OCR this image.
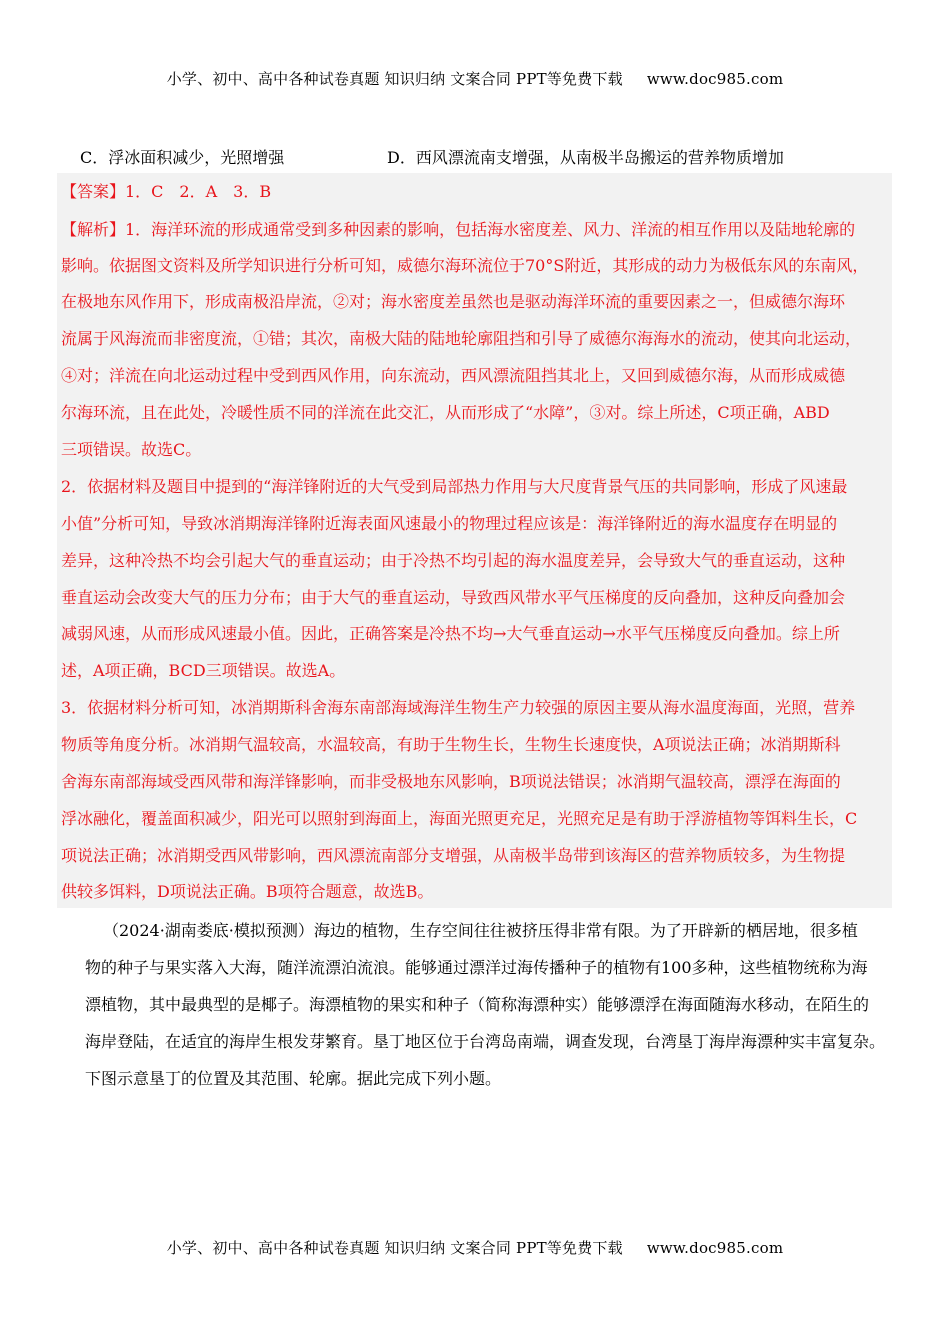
小学、初中、高中各种试卷真题 知识归纳 文案合同 PPT等免费下载 www.doc985.com
C．浮冰面积减少，光照增强	D．西风漂流南支增强，从南极半岛搬运的营养物质增加
【答案】1．C　2．A　3．B
【解析】1．海洋环流的形成通常受到多种因素的影响，包括海水密度差、风力、洋流的相互作用以及陆地轮廓的
影响。依据图文资料及所学知识进行分析可知，威德尔海环流位于70°S附近，其形成的动力为极低东风的东南风，
在极地东风作用下，形成南极沿岸流，②对；海水密度差虽然也是驱动海洋环流的重要因素之一，但威德尔海环
流属于风海流而非密度流，①错；其次，南极大陆的陆地轮廓阻挡和引导了威德尔海海水的流动，使其向北运动，
④对；洋流在向北运动过程中受到西风作用，向东流动，西风漂流阻挡其北上，又回到威德尔海，从而形成威德
尔海环流，且在此处，冷暖性质不同的洋流在此交汇，从而形成了“水障”，③对。综上所述，C项正确，ABD
三项错误。故选C。
2．依据材料及题目中提到的“海洋锋附近的大气受到局部热力作用与大尺度背景气压的共同影响，形成了风速最
小值”分析可知，导致冰消期海洋锋附近海表面风速最小的物理过程应该是：海洋锋附近的海水温度存在明显的
差异，这种冷热不均会引起大气的垂直运动；由于冷热不均引起的海水温度差异，会导致大气的垂直运动，这种
垂直运动会改变大气的压力分布；由于大气的垂直运动，导致西风带水平气压梯度的反向叠加，这种反向叠加会
减弱风速，从而形成风速最小值。因此，正确答案是冷热不均→大气垂直运动→水平气压梯度反向叠加。综上所
述，A项正确，BCD三项错误。故选A。
3．依据材料分析可知，冰消期斯科舍海东南部海域海洋生物生产力较强的原因主要从海水温度海面，光照，营养
物质等角度分析。冰消期气温较高，水温较高，有助于生物生长，生物生长速度快，A项说法正确；冰消期斯科
舍海东南部海域受西风带和海洋锋影响，而非受极地东风影响，B项说法错误；冰消期气温较高，漂浮在海面的
浮冰融化，覆盖面积减少，阳光可以照射到海面上，海面光照更充足，光照充足是有助于浮游植物等饵料生长，C
项说法正确；冰消期受西风带影响，西风漂流南部分支增强，从南极半岛带到该海区的营养物质较多，为生物提
供较多饵料，D项说法正确。B项符合题意，故选B。
（2024·湖南娄底·模拟预测）海边的植物，生存空间往往被挤压得非常有限。为了开辟新的栖居地，很多植
物的种子与果实落入大海，随洋流漂泊流浪。能够通过漂洋过海传播种子的植物有100多种，这些植物统称为海
漂植物，其中最典型的是椰子。海漂植物的果实和种子（简称海漂种实）能够漂浮在海面随海水移动，在陌生的
海岸登陆，在适宜的海岸生根发芽繁育。垦丁地区位于台湾岛南端，调查发现，台湾垦丁海岸海漂种实丰富复杂。
下图示意垦丁的位置及其范围、轮廓。据此完成下列小题。
小学、初中、高中各种试卷真题 知识归纳 文案合同 PPT等免费下载 www.doc985.com
